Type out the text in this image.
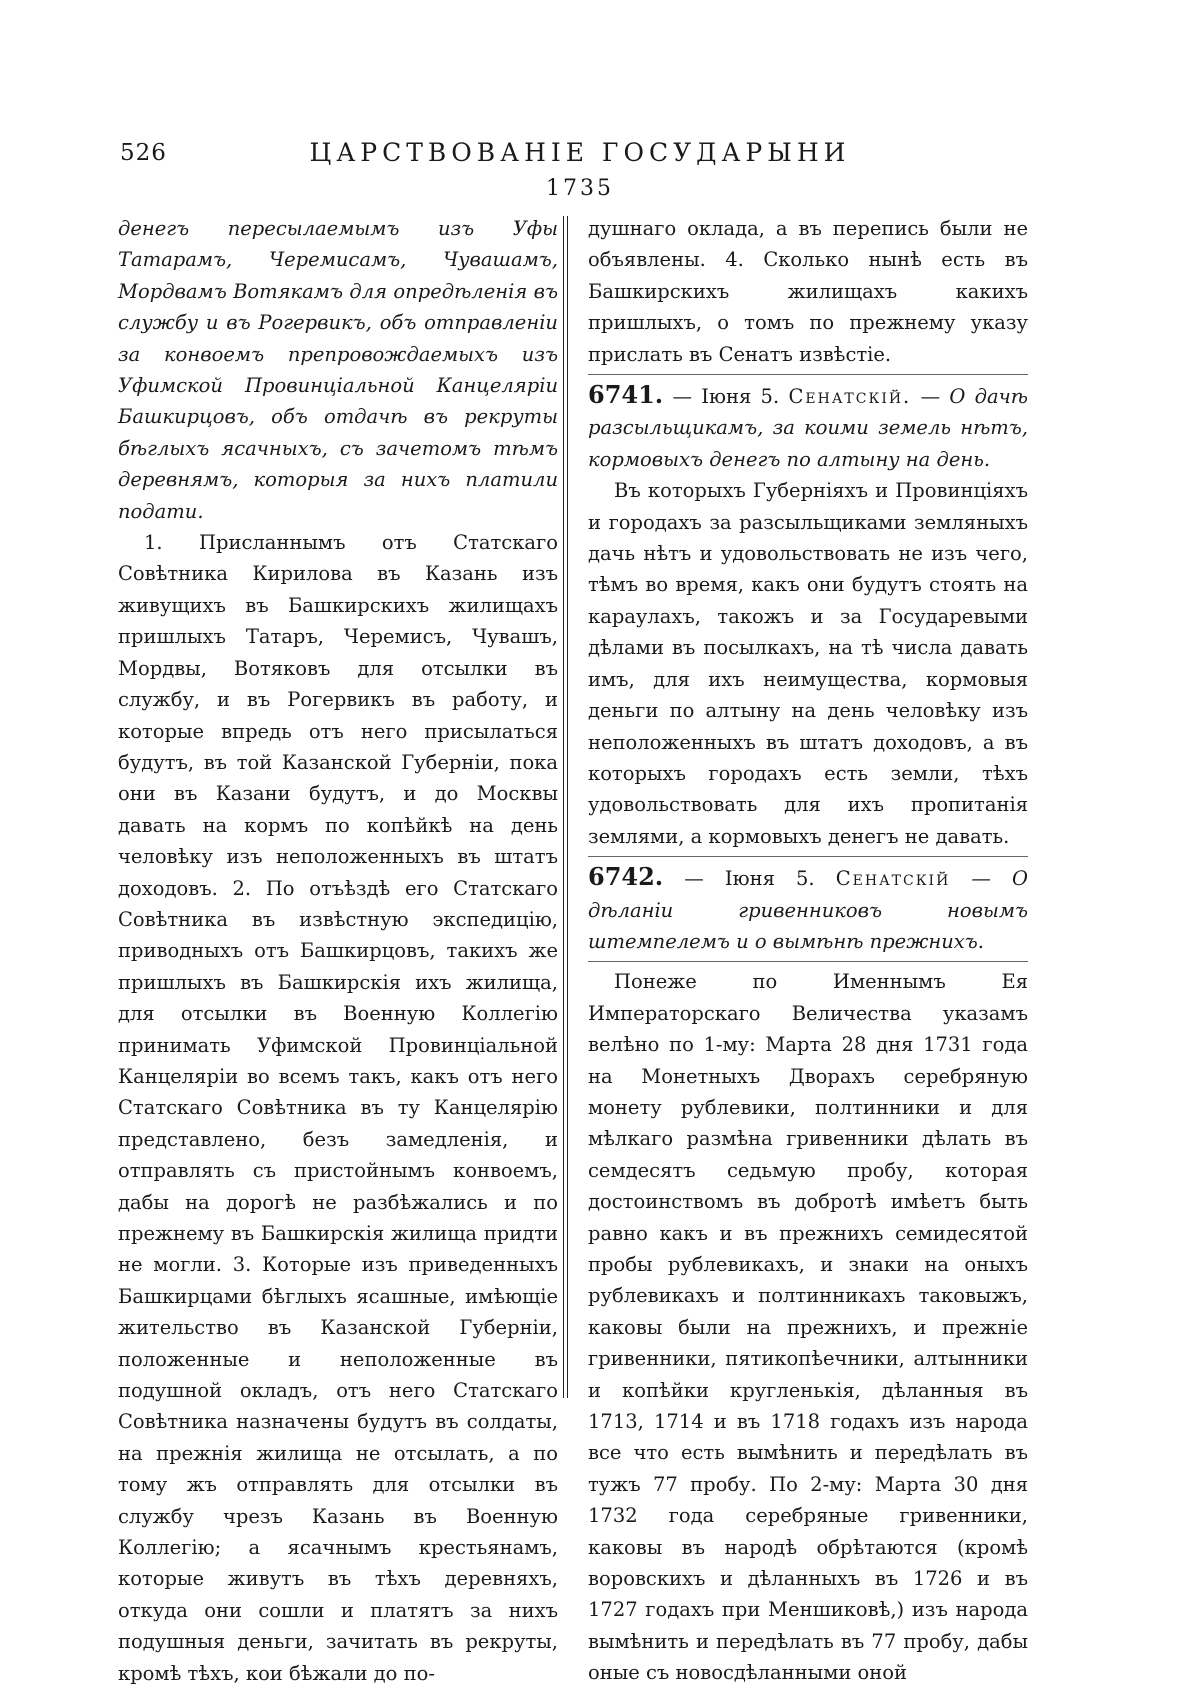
526	ЦАРСТВОВАНІЕ ГОСУДАРЫНИ
1735

денегъ пересылаемымъ изъ Уфы Татарамъ, Черемисамъ, Чувашамъ, Мордвамъ Вотякамъ для опредѣленія въ службу и въ Рогервикъ, объ отправленіи за конвоемъ препровождаемыхъ изъ Уфимской Провинціальной Канцеляріи Башкирцовъ, объ отдачѣ въ рекруты бѣглыхъ ясачныхъ, съ зачетомъ тѣмъ деревнямъ, которыя за нихъ платили подати.

1. Присланнымъ отъ Статскаго Совѣтника Кирилова въ Казань изъ живущихъ въ Башкирскихъ жилищахъ пришлыхъ Татаръ, Черемисъ, Чувашъ, Мордвы, Вотяковъ для отсылки въ службу, и въ Рогервикъ въ работу, и которые впредь отъ него присылаться будутъ, въ той Казанской Губерніи, пока они въ Казани будутъ, и до Москвы давать на кормъ по копѣйкѣ на день человѣку изъ неположенныхъ въ штатъ доходовъ. 2. По отъѣздѣ его Статскаго Совѣтника въ извѣстную экспедицію, приводныхъ отъ Башкирцовъ, такихъ же пришлыхъ въ Башкирскія ихъ жилища, для отсылки въ Военную Коллегію принимать Уфимской Провинціальной Канцеляріи во всемъ такъ, какъ отъ него Статскаго Совѣтника въ ту Канцелярію представлено, безъ замедленія, и отправлять съ пристойнымъ конвоемъ, дабы на дорогѣ не разбѣжались и по прежнему въ Башкирскія жилища придти не могли. 3. Которые изъ приведенныхъ Башкирцами бѣглыхъ ясашные, имѣющіе жительство въ Казанской Губерніи, положенные и неположенные въ подушной окладъ, отъ него Статскаго Совѣтника назначены будутъ въ солдаты, на прежнія жилища не отсылать, а по тому жъ отправлять для отсылки въ службу чрезъ Казань въ Военную Коллегію; а ясачнымъ крестьянамъ, которые живутъ въ тѣхъ деревняхъ, откуда они сошли и платятъ за нихъ подушныя деньги, зачитать въ рекруты, кромѣ тѣхъ, кои бѣжали до по-

душнаго оклада, а въ перепись были не объявлены. 4. Сколько нынѣ есть въ Башкирскихъ жилищахъ какихъ пришлыхъ, о томъ по прежнему указу прислать въ Сенатъ извѣстіе.

6741. — Іюня 5. Сенатскій. — О дачѣ разсыльщикамъ, за коими земель нѣтъ, кормовыхъ денегъ по алтыну на день.

Въ которыхъ Губерніяхъ и Провинціяхъ и городахъ за разсыльщиками земляныхъ дачь нѣтъ и удовольствовать не изъ чего, тѣмъ во время, какъ они будутъ стоять на караулахъ, такожъ и за Государевыми дѣлами въ посылкахъ, на тѣ числа давать имъ, для ихъ неимущества, кормовыя деньги по алтыну на день человѣку изъ неположенныхъ въ штатъ доходовъ, а въ которыхъ городахъ есть земли, тѣхъ удовольствовать для ихъ пропитанія землями, а кормовыхъ денегъ не давать.

6742. — Іюня 5. Сенатскій — О дѣланіи гривенниковъ новымъ штемпелемъ и о вымѣнѣ прежнихъ.

Понеже по Именнымъ Ея Императорскаго Величества указамъ велѣно по 1-му: Марта 28 дня 1731 года на Монетныхъ Дворахъ серебряную монету рублевики, полтинники и для мѣлкаго размѣна гривенники дѣлать въ семдесятъ седьмую пробу, которая достоинствомъ въ добротѣ имѣетъ быть равно какъ и въ прежнихъ семидесятой пробы рублевикахъ, и знаки на оныхъ рублевикахъ и полтинникахъ таковыжъ, каковы были на прежнихъ, и прежніе гривенники, пятикопѣечники, алтынники и копѣйки кругленькія, дѣланныя въ 1713, 1714 и въ 1718 годахъ изъ народа все что есть вымѣнить и передѣлать въ тужъ 77 пробу. По 2-му: Марта 30 дня 1732 года серебряные гривенники, каковы въ народѣ обрѣтаются (кромѣ воровскихъ и дѣланныхъ въ 1726 и въ 1727 годахъ при Меншиковѣ,) изъ народа вымѣнить и передѣлать въ 77 пробу, дабы оные съ новосдѣланными оной
